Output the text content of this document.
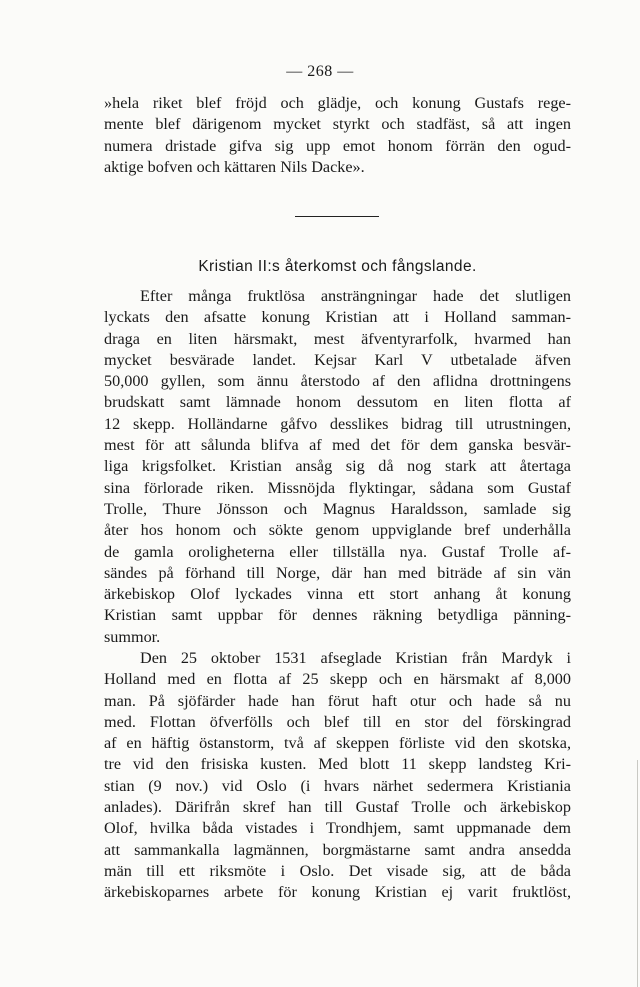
— 268 —
»hela riket blef fröjd och glädje, och konung Gustafs rege-
mente blef därigenom mycket styrkt och stadfäst, så att ingen
numera dristade gifva sig upp emot honom förrän den ogud-
aktige bofven och kättaren Nils Dacke».
Kristian II:s återkomst och fångslande.
Efter många fruktlösa ansträngningar hade det slutligen
lyckats den afsatte konung Kristian att i Holland samman-
draga en liten härsmakt, mest äfventyrarfolk, hvarmed han
mycket besvärade landet. Kejsar Karl V utbetalade äfven
50,000 gyllen, som ännu återstodo af den aflidna drottningens
brudskatt samt lämnade honom dessutom en liten flotta af
12 skepp. Holländarne gåfvo desslikes bidrag till utrustningen,
mest för att sålunda blifva af med det för dem ganska besvär-
liga krigsfolket. Kristian ansåg sig då nog stark att återtaga
sina förlorade riken. Missnöjda flyktingar, sådana som Gustaf
Trolle, Thure Jönsson och Magnus Haraldsson, samlade sig
åter hos honom och sökte genom uppviglande bref underhålla
de gamla oroligheterna eller tillställa nya. Gustaf Trolle af-
sändes på förhand till Norge, där han med biträde af sin vän
ärkebiskop Olof lyckades vinna ett stort anhang åt konung
Kristian samt uppbar för dennes räkning betydliga pänning-
summor.
Den 25 oktober 1531 afseglade Kristian från Mardyk i
Holland med en flotta af 25 skepp och en härsmakt af 8,000
man. På sjöfärder hade han förut haft otur och hade så nu
med. Flottan öfverfölls och blef till en stor del förskingrad
af en häftig östanstorm, två af skeppen förliste vid den skotska,
tre vid den frisiska kusten. Med blott 11 skepp landsteg Kri-
stian (9 nov.) vid Oslo (i hvars närhet sedermera Kristiania
anlades). Därifrån skref han till Gustaf Trolle och ärkebiskop
Olof, hvilka båda vistades i Trondhjem, samt uppmanade dem
att sammankalla lagmännen, borgmästarne samt andra ansedda
män till ett riksmöte i Oslo. Det visade sig, att de båda
ärkebiskoparnes arbete för konung Kristian ej varit fruktlöst,
